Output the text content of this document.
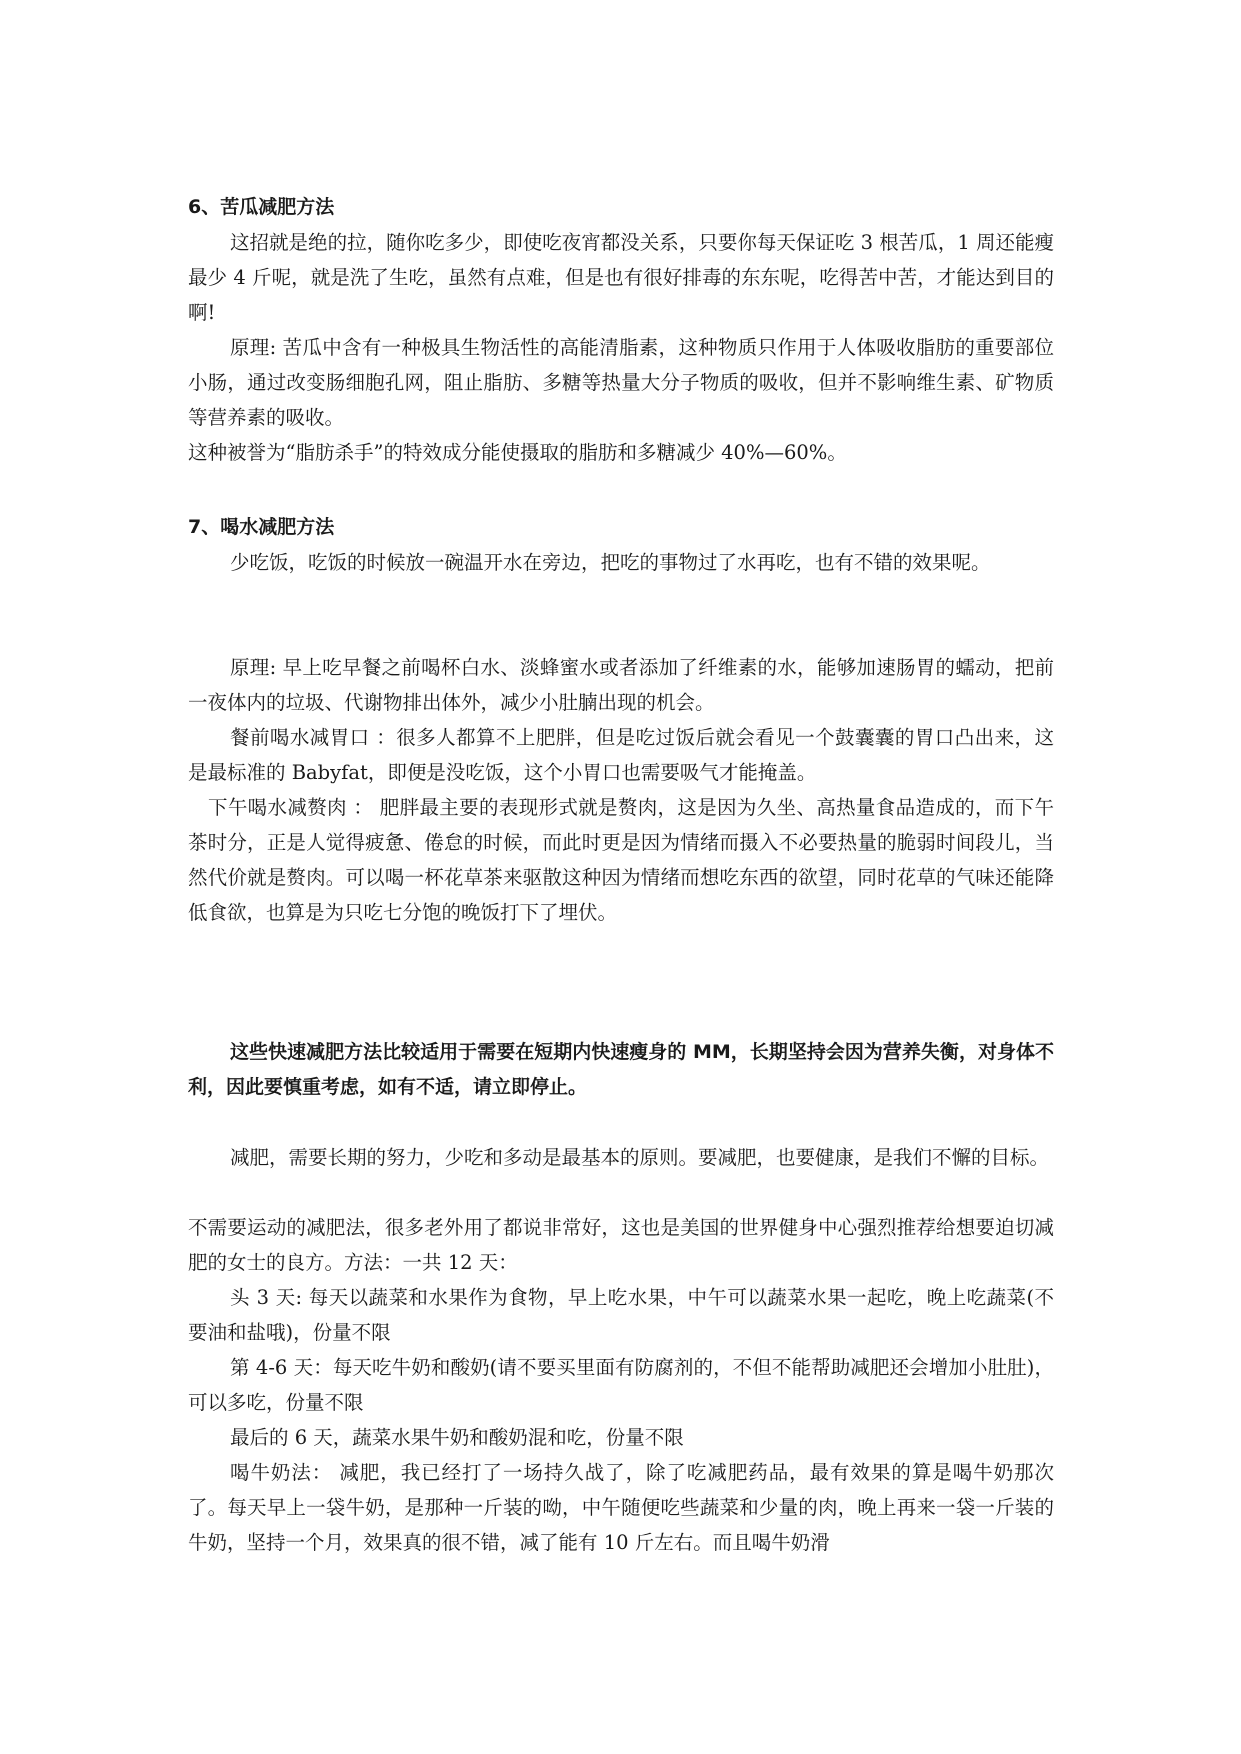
6、苦瓜减肥方法

这招就是绝的拉，随你吃多少，即使吃夜宵都没关系，只要你每天保证吃 3 根苦瓜，1 周还能瘦最少 4 斤呢，就是洗了生吃，虽然有点难，但是也有很好排毒的东东呢，吃得苦中苦，才能达到目的啊!

原理: 苦瓜中含有一种极具生物活性的高能清脂素，这种物质只作用于人体吸收脂肪的重要部位小肠，通过改变肠细胞孔网，阻止脂肪、多糖等热量大分子物质的吸收，但并不影响维生素、矿物质等营养素的吸收。

这种被誉为“脂肪杀手”的特效成分能使摄取的脂肪和多糖减少 40%—60%。

7、喝水减肥方法

少吃饭，吃饭的时候放一碗温开水在旁边，把吃的事物过了水再吃，也有不错的效果呢。

原理: 早上吃早餐之前喝杯白水、淡蜂蜜水或者添加了纤维素的水，能够加速肠胃的蠕动，把前一夜体内的垃圾、代谢物排出体外，减少小肚腩出现的机会。

餐前喝水减胃口 ：很多人都算不上肥胖，但是吃过饭后就会看见一个鼓囊囊的胃口凸出来，这是最标准的 Babyfat，即便是没吃饭，这个小胃口也需要吸气才能掩盖。

下午喝水减赘肉 ： 肥胖最主要的表现形式就是赘肉，这是因为久坐、高热量食品造成的，而下午茶时分，正是人觉得疲惫、倦怠的时候，而此时更是因为情绪而摄入不必要热量的脆弱时间段儿，当然代价就是赘肉。可以喝一杯花草茶来驱散这种因为情绪而想吃东西的欲望，同时花草的气味还能降低食欲，也算是为只吃七分饱的晚饭打下了埋伏。

这些快速减肥方法比较适用于需要在短期内快速瘦身的 MM，长期坚持会因为营养失衡，对身体不利，因此要慎重考虑，如有不适，请立即停止。

减肥，需要长期的努力，少吃和多动是最基本的原则。要减肥，也要健康，是我们不懈的目标。

不需要运动的减肥法，很多老外用了都说非常好，这也是美国的世界健身中心强烈推荐给想要迫切减肥的女士的良方。方法：一共 12 天：

头 3 天: 每天以蔬菜和水果作为食物，早上吃水果，中午可以蔬菜水果一起吃，晚上吃蔬菜(不要油和盐哦)，份量不限

第 4-6 天：每天吃牛奶和酸奶(请不要买里面有防腐剂的，不但不能帮助减肥还会增加小肚肚)，可以多吃，份量不限

最后的 6 天，蔬菜水果牛奶和酸奶混和吃，份量不限

喝牛奶法： 减肥，我已经打了一场持久战了，除了吃减肥药品，最有效果的算是喝牛奶那次了。每天早上一袋牛奶，是那种一斤装的呦，中午随便吃些蔬菜和少量的肉，晚上再来一袋一斤装的牛奶，坚持一个月，效果真的很不错，减了能有 10 斤左右。而且喝牛奶滑
